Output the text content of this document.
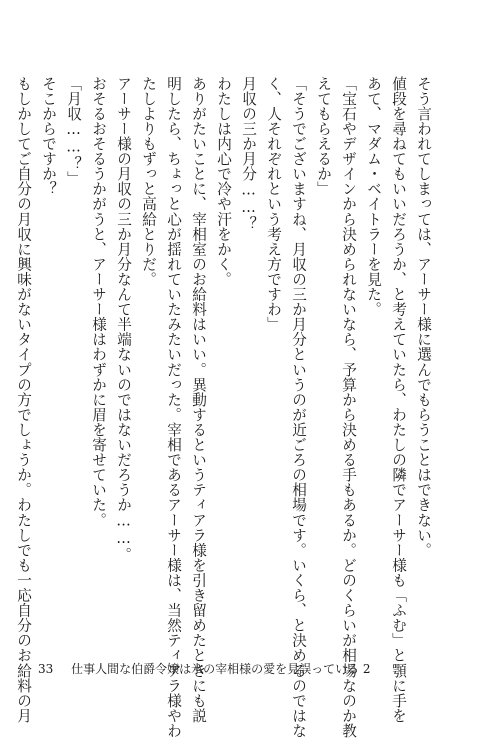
そう言われてしまっては、アーサー様に選んでもらうことはできない。
値段を尋ねてもいいだろうか、と考えていたら、わたしの隣でアーサー様も「ふむ」と顎に手を
あて、マダム・ベイトラーを見た。
「宝石やデザインから決められないなら、予算から決める手もあるか。どのくらいが相場なのか教
えてもらえるか」
「そうでございますね、月収の三か月分というのが近ごろの相場です。いくら、と決めるのではな
く、人それぞれという考え方ですわ」
月収の三か月分……？
わたしは内心で冷や汗をかく。
ありがたいことに、宰相室のお給料はいい。異動するというティアラ様を引き留めたときにも説
明したら、ちょっと心が揺れていたみたいだった。宰相であるアーサー様は、当然ティアラ様やわ
たしよりもずっと高給とりだ。
アーサー様の月収の三か月分なんて半端ないのではないだろうか……。
おそるおそるうかがうと、アーサー様はわずかに眉を寄せていた。
「月収……？」
そこからですか？
もしかしてご自分の月収に興味がないタイプの方でしょうか。わたしでも一応自分のお給料の月 33 仕事人間な伯爵令嬢は氷の宰相様の愛を見誤っている 2
